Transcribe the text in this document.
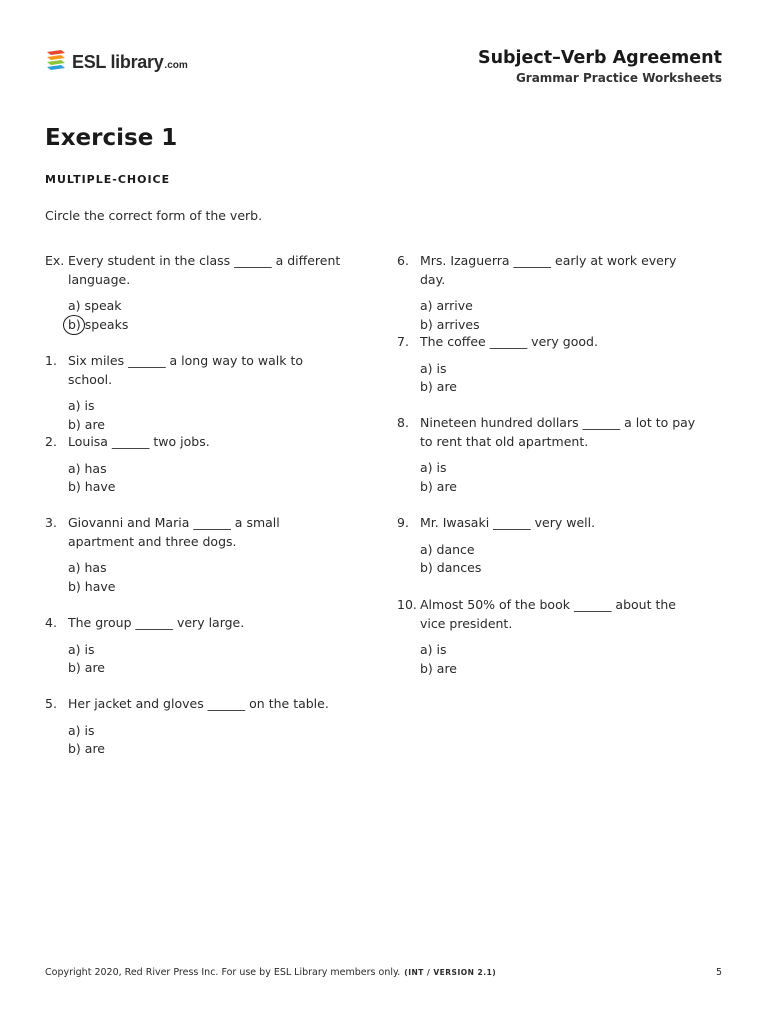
ESL library.com	Subject–Verb Agreement
Grammar Practice Worksheets
Exercise 1
MULTIPLE-CHOICE
Circle the correct form of the verb.
Ex. Every student in the class ______ a different language.
a) speak
b) speaks
1. Six miles ______ a long way to walk to school.
a) is
b) are
2. Louisa ______ two jobs.
a) has
b) have
3. Giovanni and Maria ______ a small apartment and three dogs.
a) has
b) have
4. The group ______ very large.
a) is
b) are
5. Her jacket and gloves ______ on the table.
a) is
b) are
6. Mrs. Izaguerra ______ early at work every day.
a) arrive
b) arrives
7. The coffee ______ very good.
a) is
b) are
8. Nineteen hundred dollars ______ a lot to pay to rent that old apartment.
a) is
b) are
9. Mr. Iwasaki ______ very well.
a) dance
b) dances
10. Almost 50% of the book ______ about the vice president.
a) is
b) are
Copyright 2020, Red River Press Inc. For use by ESL Library members only. (INT / VERSION 2.1)	5
